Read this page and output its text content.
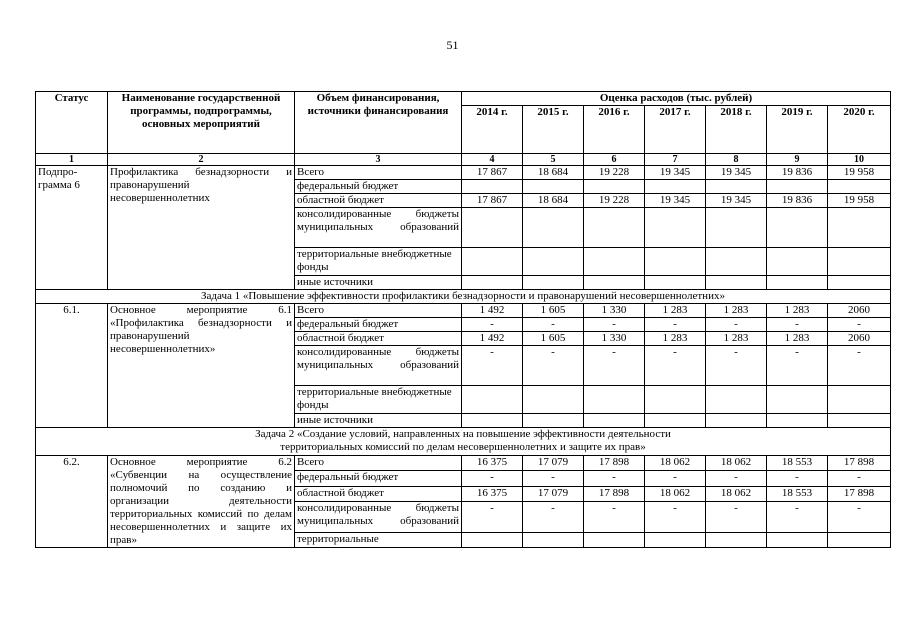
51
Статус	Наименование государственной программы, подпрограммы, основных мероприятий	Объем финансирования, источники финансирования	Оценка расходов (тыс. рублей)						
			2014 г.	2015 г.	2016 г.	2017 г.	2018 г.	2019 г.	2020 г.
1	2	3	4	5	6	7	8	9	10
Подпро-грамма 6	Профилактика безнадзорности и правонарушений несовершеннолетних	Всего	17 867	18 684	19 228	19 345	19 345	19 836	19 958
		федеральный бюджет							
		областной бюджет	17 867	18 684	19 228	19 345	19 345	19 836	19 958
		консолидированные бюджеты муниципальных образований							
		территориальные внебюджетные фонды							
		иные источники							
Задача 1 «Повышение эффективности профилактики безнадзорности и правонарушений несовершеннолетних»									
6.1.	Основное мероприятие 6.1 «Профилактика безнадзорности и правонарушений несовершеннолетних»	Всего	1 492	1 605	1 330	1 283	1 283	1 283	2060
		федеральный бюджет	-	-	-	-	-	-	-
		областной бюджет	1 492	1 605	1 330	1 283	1 283	1 283	2060
		консолидированные бюджеты муниципальных образований	-	-	-	-	-	-	-
		территориальные внебюджетные фонды							
		иные источники							

Задача 2 «Создание условий, направленных на повышение эффективности деятельности
территориальных комиссий по делам несовершеннолетних и защите их прав»									

6.2.	Основное мероприятие 6.2 «Субвенции на осуществление полномочий по созданию и организации деятельности территориальных комиссий по делам несовершеннолетних и защите их прав»	Всего	16 375	17 079	17 898	18 062	18 062	18 553	17 898
		федеральный бюджет	-	-	-	-	-	-	-
		областной бюджет	16 375	17 079	17 898	18 062	18 062	18 553	17 898
		консолидированные бюджеты муниципальных образований	-	-	-	-	-	-	-
		территориальные							
